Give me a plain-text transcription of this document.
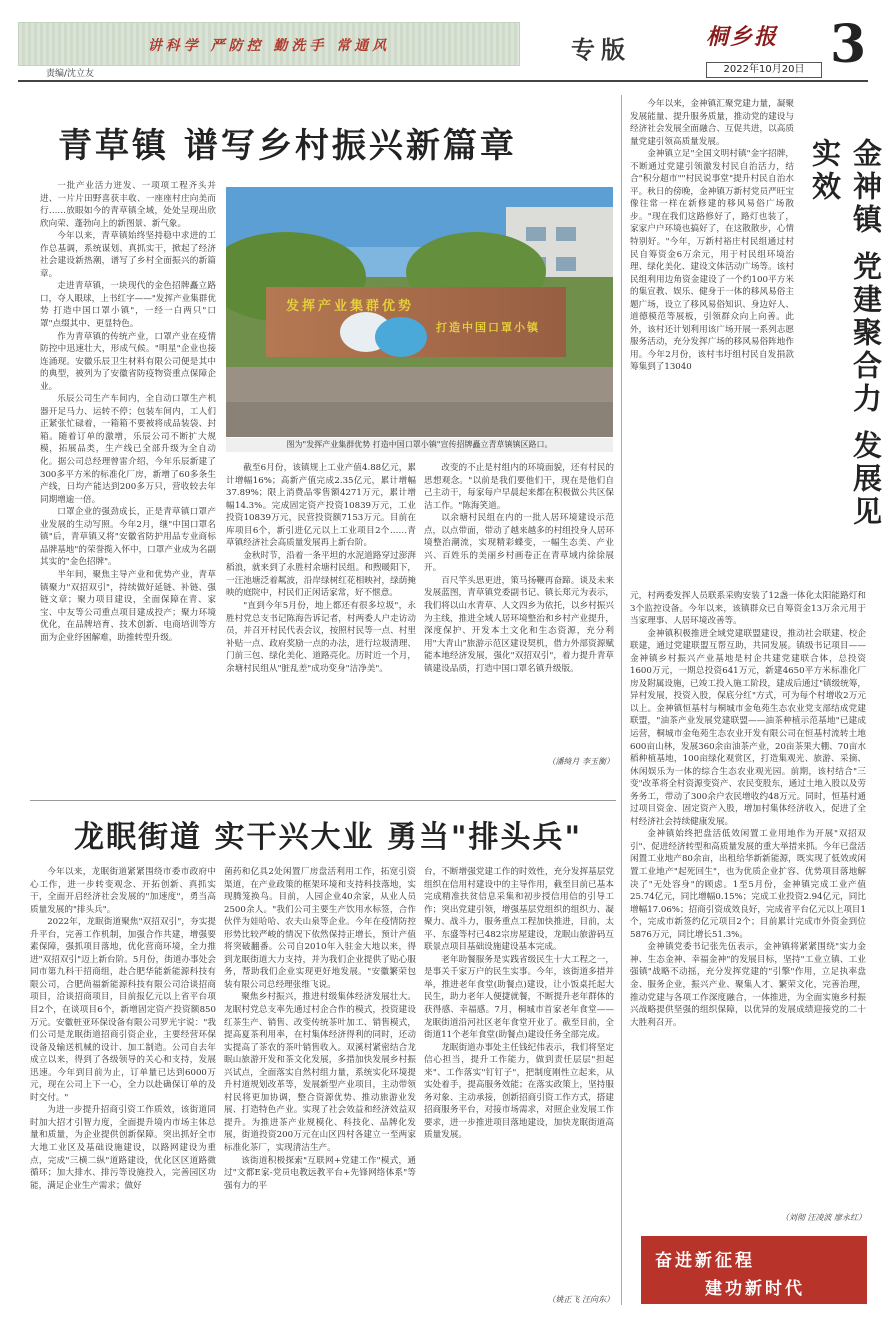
讲科学 严防控 勤洗手 常通风	专版	桐乡报 3
2022年10月20日
责编/沈立友
青草镇 谱写乡村振兴新篇章

一批产业活力迸发、一项项工程齐头并进、一片片田野喜获丰收、一座座村庄向美而行……放眼如今的青草镇全域，处处呈现出欣欣向荣、蓬勃向上的新图景、新气象。

今年以来，青草镇始终坚持稳中求进的工作总基调，系统谋划、真抓实干，掀起了经济社会建设新热潮，谱写了乡村全面振兴的新篇章。

走进青草镇，一块现代的金色招牌矗立路口，夺人眼球，上书红字——"发挥产业集群优势 打造中国口罩小镇"，一经一白两只"口罩"点缀其中、更显特色。

作为青草镇的传统产业，口罩产业在疫情防控中迅速壮大，形成气候。"明星"企业也接连涌现。安徽乐辰卫生材料有限公司便是其中的典型，被列为了安徽省防疫物资重点保障企业。

乐辰公司生产车间内，全自动口罩生产机器开足马力、运转不停；包装车间内，工人们正紧张忙碌着，一箱箱不要被将成品装袋、封箱。随着订单的激增，乐辰公司不断扩大规模，拓展品类，生产线已全部升级为全自动化。据公司总经理曾雷介绍，今年乐辰新建了300多平方米的标准化厂房，新增了60多条生产线，日均产能达到200多万只，营收较去年同期增逾一倍。

口罩企业的强劲成长，正是青草镇口罩产业发展的生动写照。今年2月，继"中国口罩名镇"后，青草镇又将"安徽省防护用品专业商标品牌基地"的荣誉揽入怀中，口罩产业成为名副其实的"金色招牌"。

半年间，聚焦主导产业和优势产业，青草镇聚力"双招双引"，持续做好延链、补链、强链文章；聚力项目建设，全面保障在青、家宝、中友等公司重点项目建成投产；聚力环境优化，在品牌培育、技术创新、电商培训等方面为企业纾困解难，助推转型升级。

发挥产业集群优势
打造中国口罩小镇
图为"发挥产业集群优势 打造中国口罩小镇"宣传招牌矗立青草镇镇区路口。

截至6月份，该镇规上工业产值4.88亿元，累计增幅16%；高新产值完成2.35亿元，累计增幅37.89%；限上消费品零售额4271万元，累计增幅14.3%。完成固定资产投资10839万元，工业投资10839万元，民营投资额7153万元。目前在库项目6个，新引进亿元以上工业项目2个……青草镇经济社会高质量发展再上新台阶。

金秋时节，沿着一条平坦的水泥道路穿过澎湃稻浪，就来到了永胜村余塘村民组。和煦暖阳下，一汪池塘泛着粼波，沿岸绿树红花相映衬，绿荫掩映的庭院中，村民们正闲话家常，好不惬意。

"直到今年5月份，地上都还有很多垃圾"，永胜村党总支书记陈海告诉记者，村两委人户走访动员，并召开村民代表会议，按照村民等一点、村里补贴一点、政府奖励一点的办法，进行垃圾清理、门前三包、绿化美化、道路亮化。历时近一个月，余塘村民组从"脏乱差"成功变身"洁净美"。

改变的不止是村组内的环境面貌，还有村民的思想观念。"以前是我们要他们干，现在是他们自己主动干，每家每户早晨起来都在积极做公共区保洁工作。"陈海笑道。

以余塘村民组在内的一批人居环境建设示范点，以点带面，带动了越来越多的村组投身人居环境整治潮流，实现精彩蝶变，一幅生态美、产业兴、百姓乐的美丽乡村画卷正在青草域内徐徐展开。

百尺竿头思更进，策马扬鞭再奋蹄。谈及未来发展蓝图，青草镇党委副书记、镇长郑元为表示，我们将以山水青草、人文四乡为依托，以乡村振兴为主线，推进全域人居环境整治和乡村产业提升，深度保护、开发本土文化和生态资源，充分利用"大青山"旅游示范区建设契机，借力外部资源赋能本地经济发展，强化"双招双引"，着力提升青草镇建设品质，打造中国口罩名镇升级版。

（潘绮月 李玉衡）

今年以来，金神镇汇聚党建力量，凝聚发展能量、提升服务质量，推动党的建设与经济社会发展全面融合、互促共进，以高质量党建引领高质量发展。

金神镇立足"全国文明村镇"金字招牌，不断通过党建引领激发村民自治活力，结合"积分超市""村民说事堂"提升村民自治水平。秋日的傍晚，金神镇万新村党员严旺宝像往常一样在新修建的移风易俗广场散步。"现在我们这路修好了，路灯也装了，家家户户环境也搞好了，在这散散步，心情特别好。"今年，万新村裕庄村民组通过村民自筹资金6万余元，用于村民组环境治理、绿化美化、建设文体活动广场等。该村民组利用边角资金建设了一个约100平方米的集宣教、娱乐、健身于一体的移风易俗主题广场，设立了移风易俗知识、身边好人、道德模范等展板，引领群众向上向善。此外，该村还计划利用该广场开展一系列志愿服务活动，充分发挥广场的移风易俗阵地作用。今年2月份，该村韦圩组村民自发捐款筹集到了13040	金神镇 党建聚合力 发展见实效

元，村两委发挥人员联系采购安装了12盏一体化太阳能路灯和3个监控设备。今年以来，该镇群众已自筹资金13万余元用于当家理事、人居环境改善等。

金神镇积极推进全域党建联盟建设，推动社会联建、校企联建，通过党建联盟互帮互助，共同发展。镇级书记项目——金神镇乡村振兴产业基地是村企共建党建联合体，总投资1600万元，一期总投资641万元，新建4650平方米标准化厂房及附属设施，已竣工投入施工阶段，建成后通过"镇级统筹，异村发展，投资入股，保底分红"方式，可为每个村增收2万元以上。金神镇恒基村与桐城市金龟苑生态农业党支部结成党建联盟，"油茶产业发展党建联盟——油茶种植示范基地"已建成运营，桐城市金龟苑生态农业开发有限公司在恒基村流转土地600亩山林，发展360余亩油茶产业，20亩茶果大棚、70亩水稻种植基地，100亩绿化观赏区，打造集观光、旅游、采摘、休闲娱乐为一体的综合生态农业观光园。前期，该村结合"三变"改革将全村资源变资产、农民变股东，通过土地入股以及劳务务工，带动了300余户农民增收约48万元。同时，恒基村通过项目资金、固定资产入股，增加村集体经济收入，促进了全村经济社会持续健康发展。

金神镇始终把盘活低效闲置工业用地作为开展"双招双引"、促进经济转型和高质量发展的重大举措来抓。今年已盘活闲置工业地产80余亩，出租给华新新能源，既实现了低效或闲置工业地产"起死回生"，也为优质企业扩容、优势项目落地解决了"无处容身"的顾虑。1至5月份，金神镇完成工业产值25.74亿元，同比增幅0.15%；完成工业投资2.94亿元，同比增幅17.06%；招商引资成效良好，完成省平台亿元以上项目1个，完成市新签约亿元项目2个；目前累计完成市外资金到位5876万元，同比增长51.3%。

金神镇党委书记张先伍表示，金神镇将紧紧围绕"实力金神、生态金神、幸福金神"的发展目标，坚持"工业立镇、工业强镇"战略不动摇，充分发挥党建的"引擎"作用，立足执率盘金、服务企业，振兴产业、聚集人才、繁荣文化，完善治理，推动党建与各项工作深度融合，一体推进，为全面实施乡村振兴战略提供坚强的组织保障，以优异的发展成绩迎接党的二十大胜利召开。

（刘彻 汪凌波 廖永红）
奋进新征程
建功新时代
龙眠街道 实干兴大业 勇当"排头兵"

今年以来，龙眠街道紧紧围绕市委市政府中心工作，进一步转变观念、开拓创新、真抓实干，全面开启经济社会发展的"加速度"，勇当高质量发展的"排头兵"。

2022年，龙眠街道聚焦"双招双引"，夯实提升平台，完善工作机制，加强合作共建，增强要素保障，强抓项目落地，优化营商环境，全力推进"双招双引"迈上新台阶。5月份，街道办事处会同市第九科干招商组，赴合肥华能新能源科技有限公司，合肥尚福新能源科技有限公司洽谈招商项目，洽谈招商项目，目前报亿元以上省平台项目2个，在谈项目6个，新增固定资产投资额850万元。安徽桩亚环保设备有限公司罗光宇说："我们公司是龙眠街道招商引资企业，主要经营环保设备及输送机械的设计、加工制造。公司自去年成立以来，得到了各级领导的关心和支持，发展迅速。今年到目前为止，订单量已达到6000万元，现在公司上下一心，全力以赴确保订单的及时交付。"

为进一步提升招商引资工作质效，该街道同时加大招才引智力度，全面提升境内市场主体总量和质量，为企业提供创新保障。突出抓好全市大地工业区及基础设施建设，以路网建设为重点，完成"三横二纵"道路建设，优化区区道路微循环；加大排水、排污等设施投入，完善园区功能，满足企业生产需求；做好

菌药和亿具2处闲置厂房盘活利用工作，拓宽引资渠道，在产业政策的框架环境和支持科技落地，实现腾笼换鸟。目前，人园企业40余家，从业人员2500余人。"我们公司主要生产饮用水标签，合作伙伴为娃哈哈、农夫山泉等企业。今年在疫情防控形势比较严峻的情况下依然保持正增长，预计产值将突破翻番。公司自2010年入驻金大地以来，得到龙眠街道大力支持，并为我们企业提供了贴心服务，帮助我们企业实现更好地发展。"安徽繁荣包装有限公司总经理张维飞说。

聚焦乡村振兴，推进村级集体经济发展壮大。龙眠村党总支率先通过村企合作的模式，投资建设红茶生产、销售、改变传统茶叶加工、销售模式，提高夏茶利用率，在村集体经济得利的同时，还动实提高了茶农的茶叶销售收入。双溪村紧密结合龙眠山旅游开发和茶文化发展，多措加快发展乡村振兴试点，全面落实自然村组力量，系统实化环境提升村道规划改革等，发展新型产业项目，主动带领村民将更加协调，整合资源优势、推动旅游业发展、打造特色产业。实现了社会效益和经济效益双提升。为推进茶产业规模化、科技化、品牌化发展，街道投资200万元在山区四村各建立一至两家标准化茶厂，实现清洁生产。

该街道积极探索"互联网+党建工作"模式，通过"文都E家-党员电教远教平台+先锋网络体系"等强有力的平

台，不断增强党建工作的时效性，充分发挥基层党组织在信用村建设中的主导作用，截至目前已基本完成精准扶贫信息采集和初步授信用信的引导工作；突出党建引领，增强基层党组织的组织力、凝聚力、战斗力，服务重点工程加快推进，目前，太平、东盛等村已482宗房屋建设，龙眠山旅游码互联景点项目基础设施建设基本完成。

老年助餐服务是实践省级民生十大工程之一，是事关千家万户的民生实事。今年，该街道多措并举，推进老年食堂(助餐点)建设，让小饭桌托起大民生，助力老年人便捷就餐，不断提升老年群体的获得感、幸福感。7月，桐城市首家老年食堂——龙眠街道沿河社区老年食堂开业了。截至目前，全街道11个老年食堂(助餐点)建设任务全部完成。

龙眠街道办事处主任钱纪伟表示，我们将坚定信心担当，提升工作能力，做到责任层层"担起来"、工作落实"钉钉子"，把制度刚性立起来，从实处着手，提高服务效能；在落实政策上，坚持服务对象、主动承接，创新招商引资工作方式，搭建招商服务平台，对接市场需求，对照企业发展工作要求，进一步推进项目落地建设，加快龙眠街道高质量发展。

（姚正飞 汪向东）
